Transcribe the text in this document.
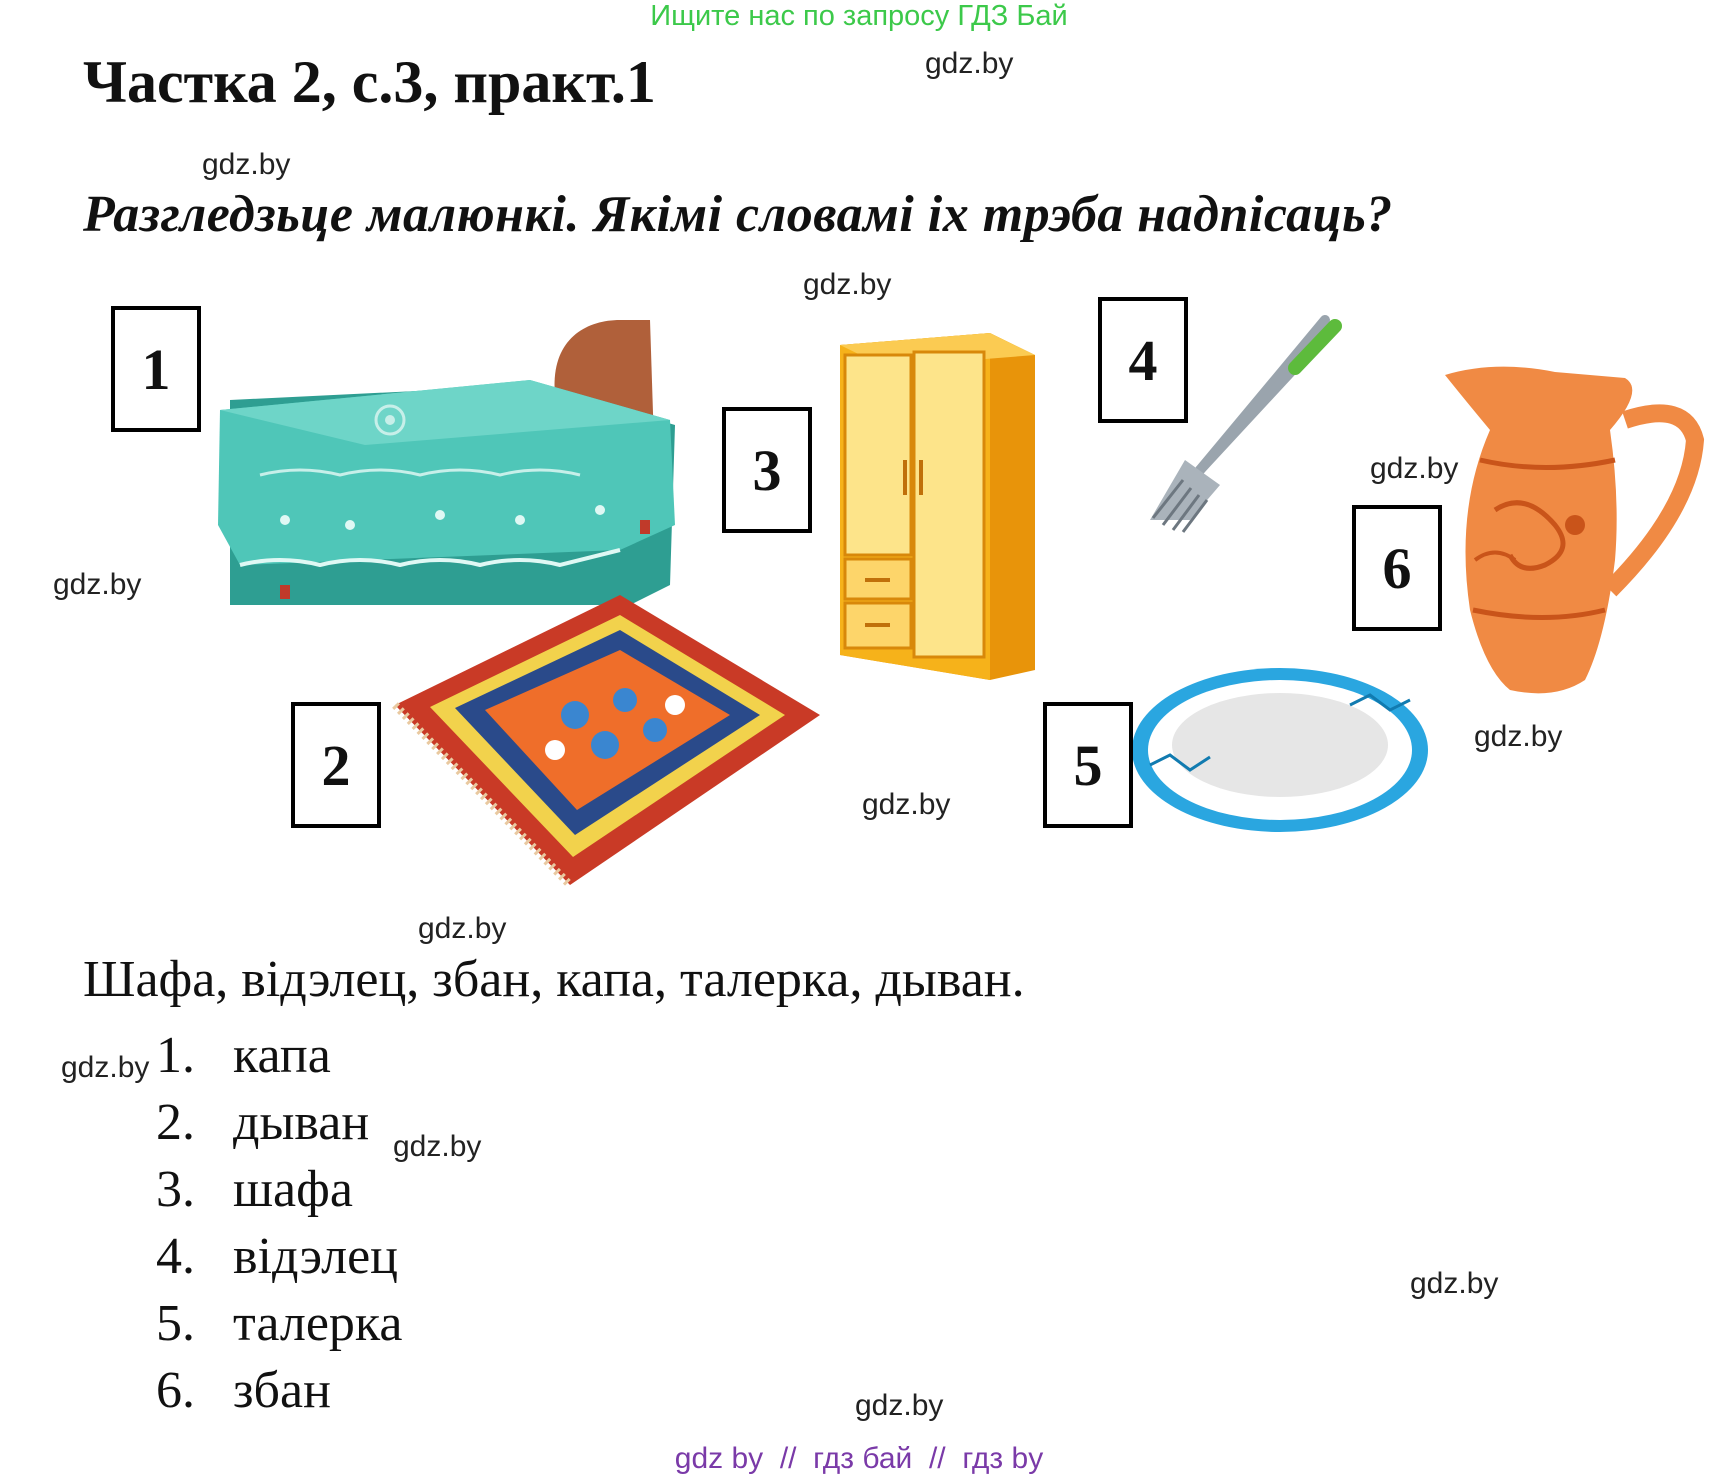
Ищите нас по запросу ГДЗ Бай
Частка 2, с.3, практ.1
Разгледзьце малюнкі. Якімі словамі іх трэба надпісаць?
gdz.by
gdz.by
gdz.by
gdz.by
gdz.by
gdz.by
gdz.by
gdz.by
gdz.by
gdz.by
gdz.by
gdz.by
1
2
3
4
5
6
Шафа, відэлец, збан, капа, талерка, дыван.
1. капа
2. дыван
3. шафа
4. відэлец
5. талерка
6. збан
gdz by  //  гдз бай  //  гдз by
